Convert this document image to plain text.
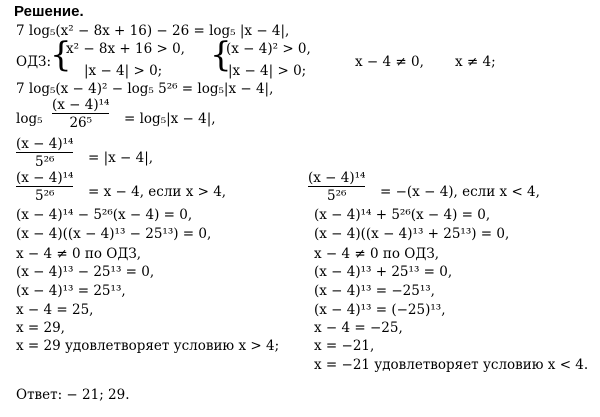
Решение.
7 log₅(x² − 8x + 16) − 26 = log₅ |x − 4|,
ОДЗ:
{
x² − 8x + 16 > 0,
|x − 4| > 0; {
(x − 4)² > 0,
|x − 4| > 0;
x − 4 ≠ 0, x ≠ 4;
7 log₅(x − 4)² − log₅ 5²⁶ = log₅|x − 4|,
log₅
(x − 4)¹⁴
26⁵	= log₅|x − 4|,
(x − 4)¹⁴
5²⁶	= |x − 4|,
(x − 4)¹⁴
5²⁶	= x − 4, если x > 4,
(x − 4)¹⁴ − 5²⁶(x − 4) = 0,
(x − 4)((x − 4)¹³ − 25¹³) = 0,
x − 4 ≠ 0 по ОДЗ,
(x − 4)¹³ − 25¹³ = 0,
(x − 4)¹³ = 25¹³,
x − 4 = 25,
x = 29,
x = 29 удовлетворяет условию x > 4;
(x − 4)¹⁴
5²⁶	= −(x − 4), если x < 4,
(x − 4)¹⁴ + 5²⁶(x − 4) = 0,
(x − 4)((x − 4)¹³ + 25¹³) = 0,
x − 4 ≠ 0 по ОДЗ,
(x − 4)¹³ + 25¹³ = 0,
(x − 4)¹³ = −25¹³,
(x − 4)¹³ = (−25)¹³,
x − 4 = −25,
x = −21,
x = −21 удовлетворяет условию x < 4.
Ответ: − 21; 29.
